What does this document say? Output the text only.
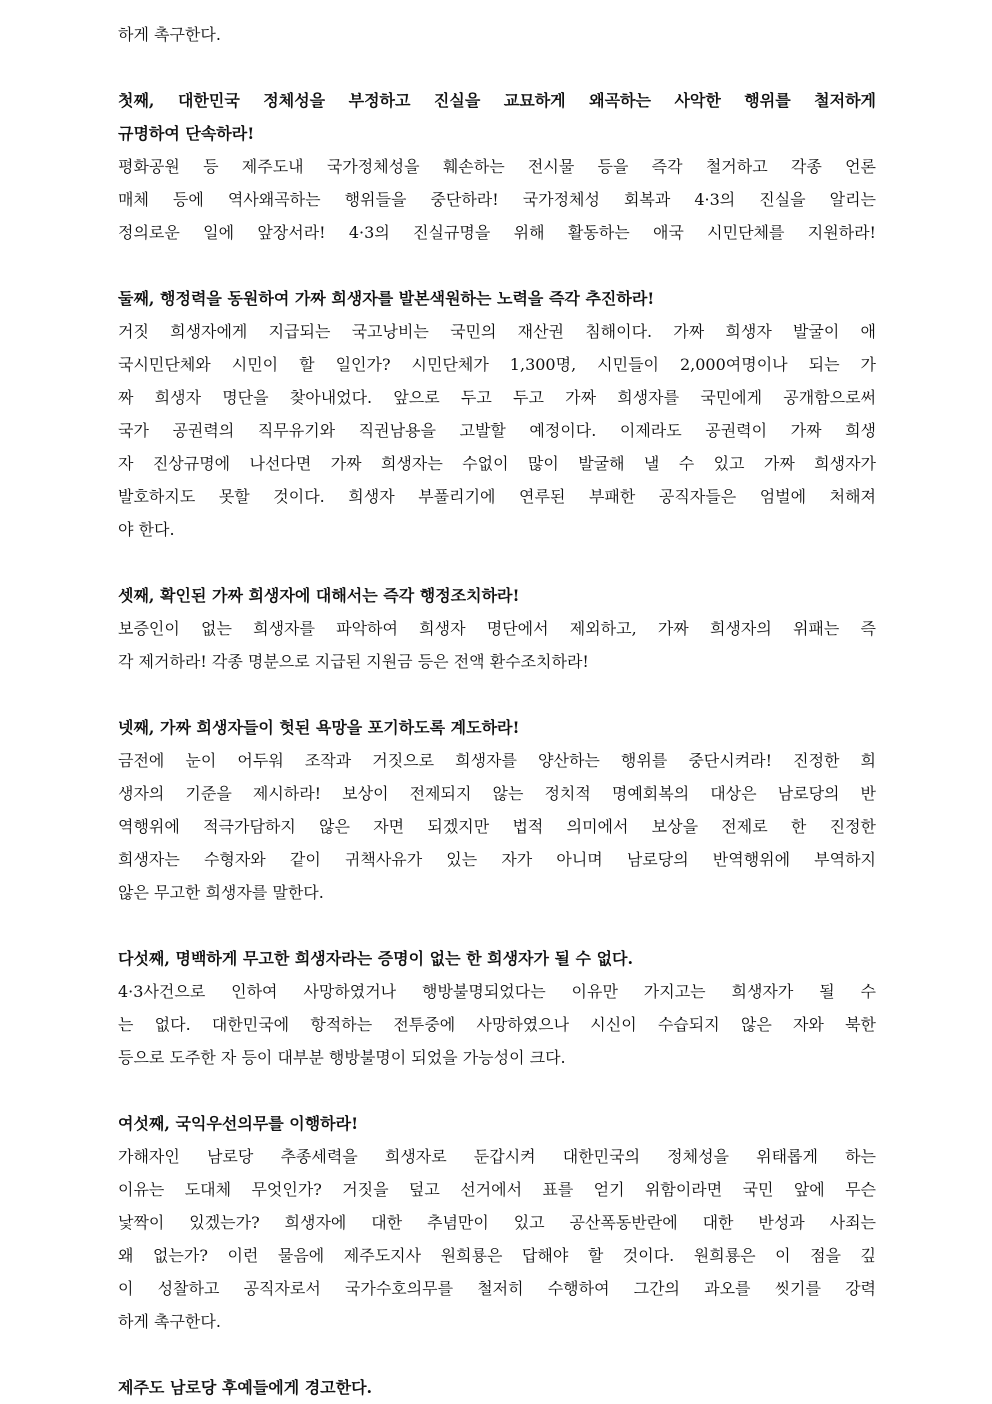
하게 촉구한다.
첫째, 대한민국 정체성을 부정하고 진실을 교묘하게 왜곡하는 사악한 행위를 철저하게
규명하여 단속하라!
평화공원 등 제주도내 국가정체성을 훼손하는 전시물 등을 즉각 철거하고 각종 언론
매체 등에 역사왜곡하는 행위들을 중단하라! 국가정체성 회복과 4·3의 진실을 알리는
정의로운 일에 앞장서라! 4·3의 진실규명을 위해 활동하는 애국 시민단체를 지원하라!
둘째, 행정력을 동원하여 가짜 희생자를 발본색원하는 노력을 즉각 추진하라!
거짓 희생자에게 지급되는 국고낭비는 국민의 재산권 침해이다. 가짜 희생자 발굴이 애
국시민단체와 시민이 할 일인가? 시민단체가 1,300명, 시민들이 2,000여명이나 되는 가
짜 희생자 명단을 찾아내었다. 앞으로 두고 두고 가짜 희생자를 국민에게 공개함으로써
국가 공권력의 직무유기와 직권남용을 고발할 예정이다. 이제라도 공권력이 가짜 희생
자 진상규명에 나선다면 가짜 희생자는 수없이 많이 발굴해 낼 수 있고 가짜 희생자가
발호하지도 못할 것이다. 희생자 부풀리기에 연루된 부패한 공직자들은 엄벌에 처해져
야 한다.
셋째, 확인된 가짜 희생자에 대해서는 즉각 행정조치하라!
보증인이 없는 희생자를 파악하여 희생자 명단에서 제외하고, 가짜 희생자의 위패는 즉
각 제거하라! 각종 명분으로 지급된 지원금 등은 전액 환수조치하라!
넷째, 가짜 희생자들이 헛된 욕망을 포기하도록 계도하라!
금전에 눈이 어두워 조작과 거짓으로 희생자를 양산하는 행위를 중단시켜라! 진정한 희
생자의 기준을 제시하라! 보상이 전제되지 않는 정치적 명예회복의 대상은 남로당의 반
역행위에 적극가담하지 않은 자면 되겠지만 법적 의미에서 보상을 전제로 한 진정한
희생자는 수형자와 같이 귀책사유가 있는 자가 아니며 남로당의 반역행위에 부역하지
않은 무고한 희생자를 말한다.
다섯째, 명백하게 무고한 희생자라는 증명이 없는 한 희생자가 될 수 없다.
4·3사건으로 인하여 사망하였거나 행방불명되었다는 이유만 가지고는 희생자가 될 수
는 없다. 대한민국에 항적하는 전투중에 사망하였으나 시신이 수습되지 않은 자와 북한
등으로 도주한 자 등이 대부분 행방불명이 되었을 가능성이 크다.
여섯째, 국익우선의무를 이행하라!
가해자인 남로당 추종세력을 희생자로 둔갑시켜 대한민국의 정체성을 위태롭게 하는
이유는 도대체 무엇인가? 거짓을 덮고 선거에서 표를 얻기 위함이라면 국민 앞에 무슨
낯짝이 있겠는가? 희생자에 대한 추념만이 있고 공산폭동반란에 대한 반성과 사죄는
왜 없는가? 이런 물음에 제주도지사 원희룡은 답해야 할 것이다. 원희룡은 이 점을 깊
이 성찰하고 공직자로서 국가수호의무를 철저히 수행하여 그간의 과오를 씻기를 강력
하게 촉구한다.
제주도 남로당 후예들에게 경고한다.
